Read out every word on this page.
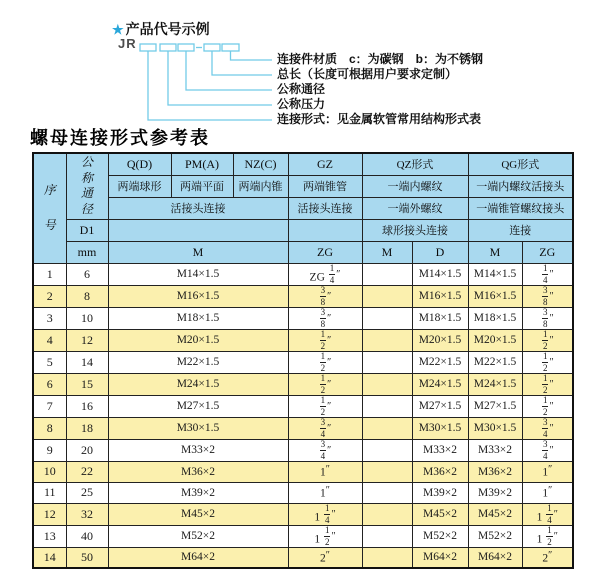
★ 产品代号示例
JR
连接件材质　c：为碳钢　b：为不锈钢
总长（长度可根据用户要求定制）
公称通径
公称压力
连接形式：见金属软管常用结构形式表
螺母连接形式参考表
序号	公称通径	Q(D)	PM(A)	NZ(C)	GZ	QZ形式		QG形式	
		两端球形	两端平面	两端内锥	两端锥管	一端内螺纹		一端内螺纹活接头	
		活接头连接			活接头连接	一端外螺纹		一端锥管螺纹接头	
	D1					球形接头连接		连接	
	mm	M			ZG	M	D	M	ZG
1	6	M14×1.5			ZG $\frac{1}{4}$ ″		M14×1.5	M14×1.5	$\frac{1}{4}$ ″
2	8	M16×1.5			$\frac{3}{8}$ ″		M16×1.5	M16×1.5	$\frac{3}{8}$ ″
3	10	M18×1.5			$\frac{3}{8}$ ″		M18×1.5	M18×1.5	$\frac{3}{8}$ ″
4	12	M20×1.5			$\frac{1}{2}$ ″		M20×1.5	M20×1.5	$\frac{1}{2}$ ″
5	14	M22×1.5			$\frac{1}{2}$ ″		M22×1.5	M22×1.5	$\frac{1}{2}$ ″
6	15	M24×1.5			$\frac{1}{2}$ ″		M24×1.5	M24×1.5	$\frac{1}{2}$ ″
7	16	M27×1.5			$\frac{1}{2}$ ″		M27×1.5	M27×1.5	$\frac{1}{2}$ ″
8	18	M30×1.5			$\frac{3}{4}$ ″		M30×1.5	M30×1.5	$\frac{3}{4}$ ″
9	20	M33×2			$\frac{3}{4}$ ″		M33×2	M33×2	$\frac{3}{4}$ ″
10	22	M36×2			1″		M36×2	M36×2	1″
11	25	M39×2			1″		M39×2	M39×2	1″
12	32	M45×2			$1 \frac{1}{4}$ ″		M45×2	M45×2	$1 \frac{1}{4}$ ″
13	40	M52×2			$1 \frac{1}{2}$ ″		M52×2	M52×2	$1 \frac{1}{2}$ ″
14	50	M64×2			2″		M64×2	M64×2	2″
